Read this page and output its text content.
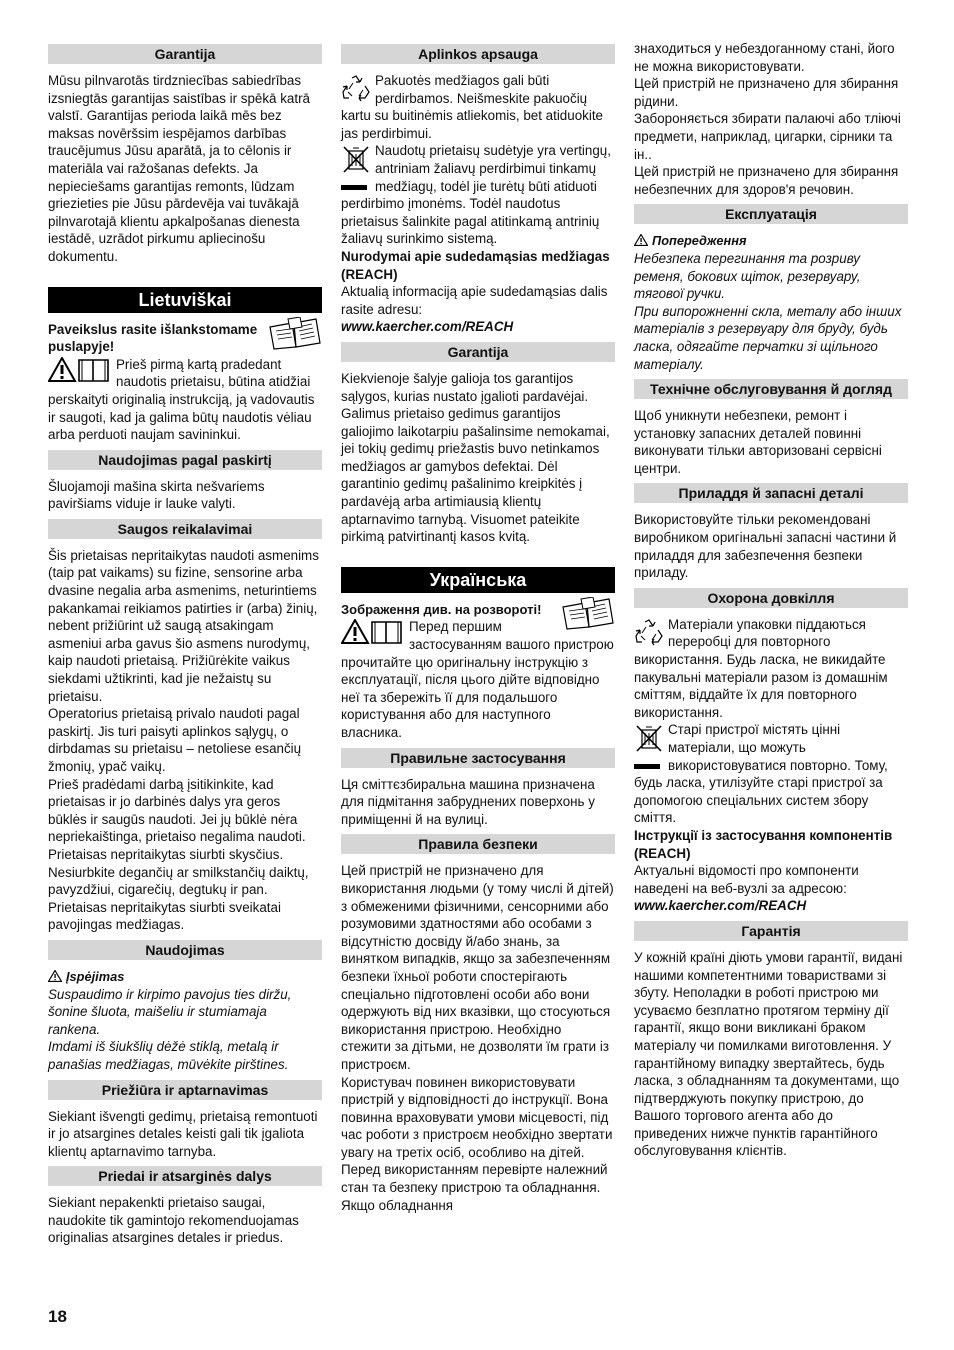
Garantija

Mūsu pilnvarotās tirdzniecības sabiedrības izsniegtās garantijas saistības ir spēkā katrā valstī. Garantijas perioda laikā mēs bez maksas novēršsim iespējamos darbības traucējumus Jūsu aparātā, ja to cēlonis ir materiāla vai ražošanas defekts. Ja nepieciešams garantijas remonts, lūdzam griezieties pie Jūsu pārdevēja vai tuvākajā pilnvarotajā klientu apkalpošanas dienesta iestādē, uzrādot pirkumu apliecinošu dokumentu.

Lietuviškai

Paveikslus rasite išlankstomame puslapyje!

Prieš pirmą kartą pradedant naudotis prietaisu, būtina atidžiai perskaityti originalią instrukciją, ją vadovautis ir saugoti, kad ja galima būtų naudotis vėliau arba perduoti naujam savininkui.

Naudojimas pagal paskirtį

Šluojamoji mašina skirta nešvariems paviršiams viduje ir lauke valyti.

Saugos reikalavimai

Šis prietaisas nepritaikytas naudoti asmenims (taip pat vaikams) su fizine, sensorine arba dvasine negalia arba asmenims, neturintiems pakankamai reikiamos patirties ir (arba) žinių, nebent prižiūrint už saugą atsakingam asmeniui arba gavus šio asmens nurodymų, kaip naudoti prietaisą. Prižiūrėkite vaikus siekdami užtikrinti, kad jie nežaistų su prietaisu.

Operatorius prietaisą privalo naudoti pagal paskirtį. Jis turi paisyti aplinkos sąlygų, o dirbdamas su prietaisu – netoliese esančių žmonių, ypač vaikų.

Prieš pradėdami darbą įsitikinkite, kad prietaisas ir jo darbinės dalys yra geros būklės ir saugūs naudoti. Jei jų būklė nėra nepriekaištinga, prietaiso negalima naudoti.

Prietaisas nepritaikytas siurbti skysčius.

Nesiurbkite degančių ar smilkstančių daiktų, pavyzdžiui, cigarečių, degtukų ir pan.

Prietaisas nepritaikytas siurbti sveikatai pavojingas medžiagas.

Naudojimas
Įspėjimas

Suspaudimo ir kirpimo pavojus ties diržu, šonine šluota, maišeliu ir stumiamaja rankena.

Imdami iš šiukšlių dėžė stiklą, metalą ir panašias medžiagas, mūvėkite pirštines.

Priežiūra ir aptarnavimas

Siekiant išvengti gedimų, prietaisą remontuoti ir jo atsargines detales keisti gali tik įgaliota klientų aptarnavimo tarnyba.

Priedai ir atsarginės dalys

Siekiant nepakenkti prietaiso saugai, naudokite tik gamintojo rekomenduojamas originalias atsargines detales ir priedus.

Aplinkos apsauga

Pakuotės medžiagos gali būti perdirbamos. Neišmeskite pakuočių kartu su buitinėmis atliekomis, bet atiduokite jas perdirbimui.

Naudotų prietaisų sudėtyje yra vertingų, antriniam žaliavų perdirbimui tinkamų medžiagų, todėl jie turėtų būti atiduoti perdirbimo įmonėms. Todėl naudotus prietaisus šalinkite pagal atitinkamą antrinių žaliavų surinkimo sistemą.

Nurodymai apie sudedamąsias medžiagas (REACH)

Aktualią informaciją apie sudedamąsias dalis rasite adresu:

www.kaercher.com/REACH

Garantija

Kiekvienoje šalyje galioja tos garantijos sąlygos, kurias nustato įgaliotі pardavėjai. Galimus prietaiso gedimus garantijos galiojimo laikotarpiu pašalinsime nemokamai, jei tokių gedimų priežastis buvo netinkamos medžiagos ar gamybos defektai. Dėl garantinio gedimų pašalinimo kreipkitės į pardavėją arba artimiausią klientų aptarnavimo tarnybą. Visuomet pateikite pirkimą patvirtinantį kasos kvitą.

Українська

Зображення див. на розвороті!

Перед першим застосуванням вашого пристрою прочитайте цю оригінальну інструкцію з експлуатації, після цього дійте відповідно неї та збережіть її для подальшого користування або для наступного власника.

Правильне застосування

Ця сміттєзбиральна машина призначена для підмітання забруднених поверхонь у приміщенні й на вулиці.

Правила безпеки

Цей пристрій не призначено для використання людьми (у тому числі й дітей) з обмеженими фізичними, сенсорними або розумовими здатностями або особами з відсутністю досвіду й/або знань, за винятком випадків, якщо за забезпеченням безпеки їхньої роботи спостерігають спеціально підготовлені особи або вони одержують від них вказівки, що стосуються використання пристрою. Необхідно стежити за дітьми, не дозволяти їм грати із пристроєм.

Користувач повинен використовувати пристрій у відповідності до інструкції. Вона повинна враховувати умови місцевості, під час роботи з пристроєм необхідно звертати увагу на третіх осіб, особливо на дітей.

Перед використанням перевірте належний стан та безпеку пристрою та обладнання. Якщо обладнання

знаходиться у небездоганному стані, його не можна використовувати.

Цей пристрій не призначено для збирання рідини.

Забороняється збирати палаючі або тліючі предмети, наприклад, цигарки, сірники та ін..

Цей пристрій не призначено для збирання небезпечних для здоров'я речовин.

Експлуатація
Попередження

Небезпека перегинання та розриву ременя, бокових щіток, резервуару, тягової ручки.

При випорожненні скла, металу або інших матеріалів з резервуару для бруду, будь ласка, одягайте перчатки зі щільного матеріалу.

Технічне обслуговування й догляд

Щоб уникнути небезпеки, ремонт і установку запасних деталей повинні виконувати тільки авторизовані сервісні центри.

Приладдя й запасні деталі

Використовуйте тільки рекомендовані виробником оригінальні запасні частини й приладдя для забезпечення безпеки приладу.

Охорона довкілля

Матеріали упаковки піддаються переробці для повторного використання. Будь ласка, не викидайте пакувальні матеріали разом із домашнім сміттям, віддайте їх для повторного використання.

Старі пристрої містять цінні матеріали, що можуть використовуватися повторно. Тому, будь ласка, утилізуйте старі пристрої за допомогою спеціальних систем збору сміття.

Інструкції із застосування компонентів (REACH)

Актуальні відомості про компоненти наведені на веб-вузлі за адресою:

www.kaercher.com/REACH

Гарантія

У кожній країні діють умови гарантії, видані нашими компетентними товариствами зі збуту. Неполадки в роботі пристрою ми усуваємо безплатно протягом терміну дії гарантії, якщо вони викликані браком матеріалу чи помилками виготовлення. У гарантійному випадку звертайтесь, будь ласка, з обладнанням та документами, що підтверджують покупку пристрою, до Вашого торгового агента або до приведених нижче пунктів гарантійного обслуговування клієнтів.

18
